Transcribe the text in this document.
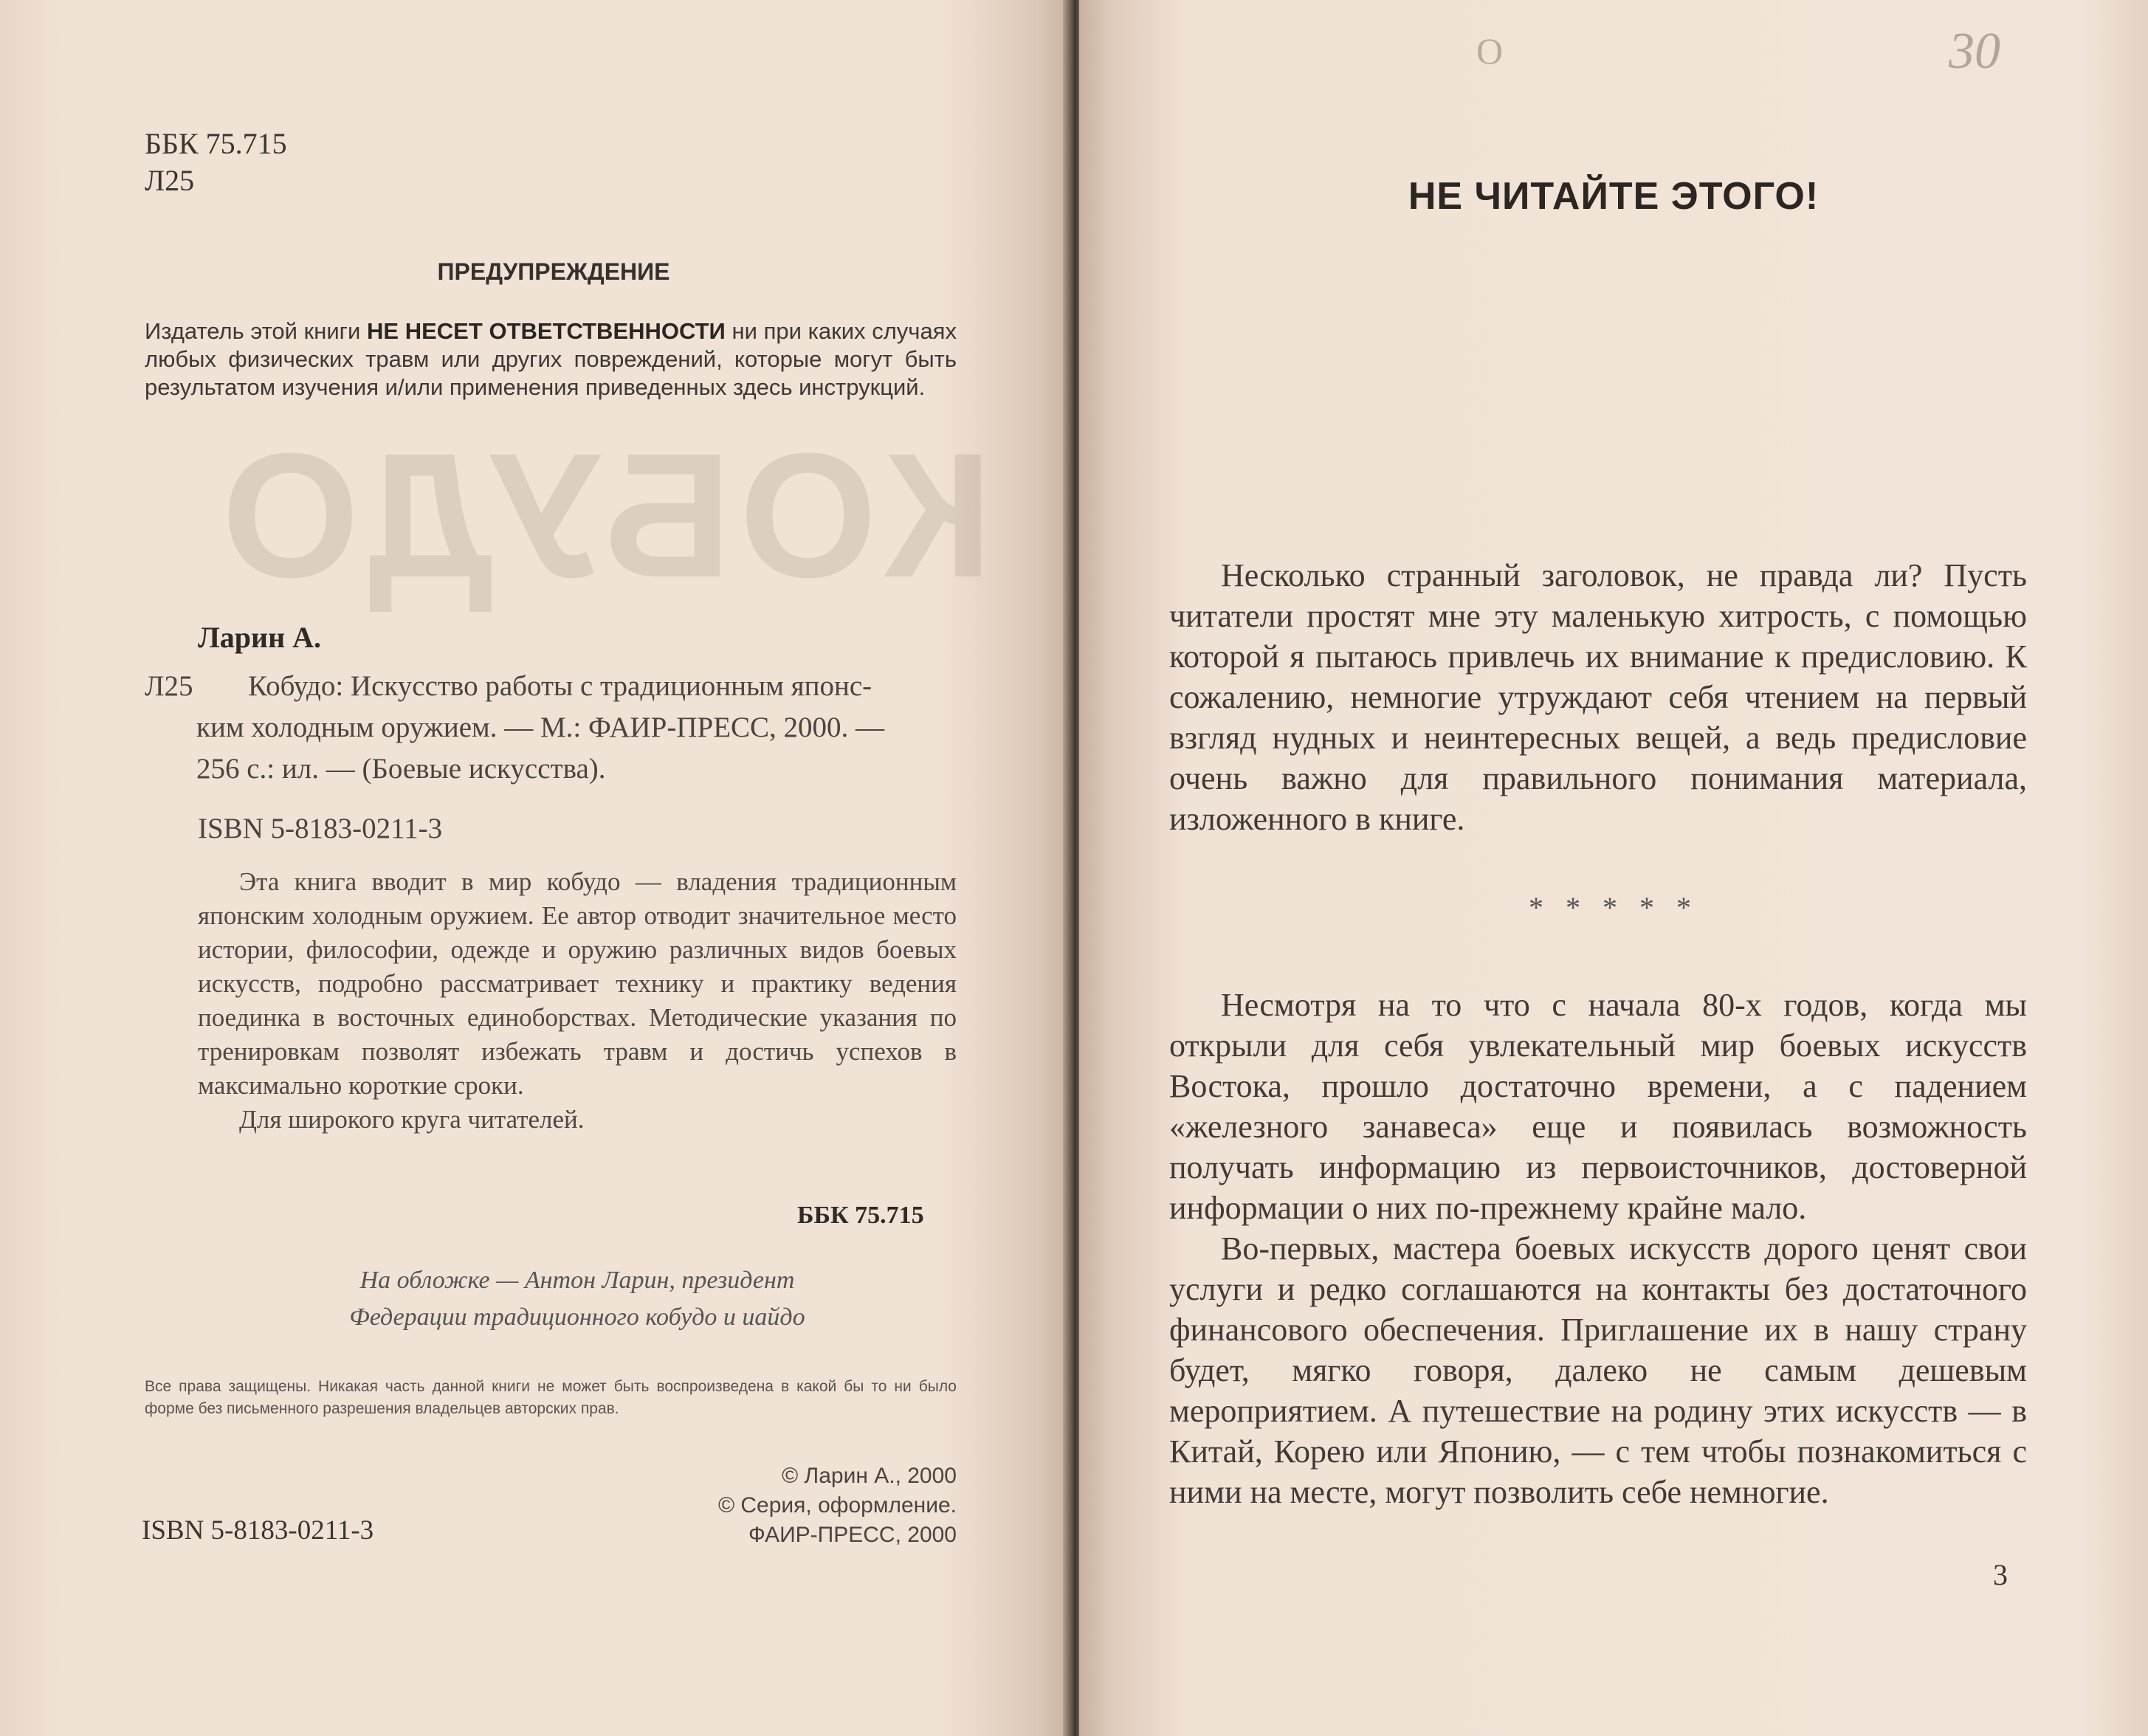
КОБУДО
ББК 75.715
Л25
ПРЕДУПРЕЖДЕНИЕ
Издатель этой книги НЕ НЕСЕТ ОТВЕТСТВЕННОСТИ ни при каких случаях любых физических травм или других повреждений, которые могут быть результатом изучения и/или применения приведенных здесь инструкций.
Ларин А.
Л25	Кобудо: Искусство работы с традиционным японс-
ким холодным оружием. — М.: ФАИР-ПРЕСС, 2000. —
256 с.: ил. — (Боевые искусства).
ISBN 5-8183-0211-3

Эта книга вводит в мир кобудо — владения традиционным японским холодным оружием. Ее автор отводит значительное место истории, философии, одежде и оружию различных видов боевых искусств, подробно рассматривает технику и практику ведения поединка в восточных единоборствах. Методические указания по тренировкам позволят избежать травм и достичь успехов в максимально короткие сроки.

Для широкого круга читателей.

ББК 75.715
На обложке — Антон Ларин, президент
Федерации традиционного кобудо и иайдо
Все права защищены. Никакая часть данной книги не может быть воспроизведена в какой бы то ни было форме без письменного разрешения владельцев авторских прав.
© Ларин А., 2000
© Серия, оформление.
ФАИР-ПРЕСС, 2000
ISBN 5-8183-0211-3
О	30
НЕ ЧИТАЙТЕ ЭТОГО!

Несколько странный заголовок, не правда ли? Пусть читатели простят мне эту маленькую хитрость, с помощью которой я пытаюсь привлечь их внимание к предисловию. К сожалению, немногие утруждают себя чтением на первый взгляд нудных и неинтересных вещей, а ведь предисловие очень важно для правильного понимания материала, изложенного в книге.

* * * * *

Несмотря на то что с начала 80-х годов, когда мы открыли для себя увлекательный мир боевых искусств Востока, прошло достаточно времени, а с падением «железного занавеса» еще и появилась возможность получать информацию из первоисточников, достоверной информации о них по-прежнему крайне мало.

Во-первых, мастера боевых искусств дорого ценят свои услуги и редко соглашаются на контакты без достаточного финансового обеспечения. Приглашение их в нашу страну будет, мягко говоря, далеко не самым дешевым мероприятием. А путешествие на родину этих искусств — в Китай, Корею или Японию, — с тем чтобы познакомиться с ними на месте, могут позволить себе немногие.

3
